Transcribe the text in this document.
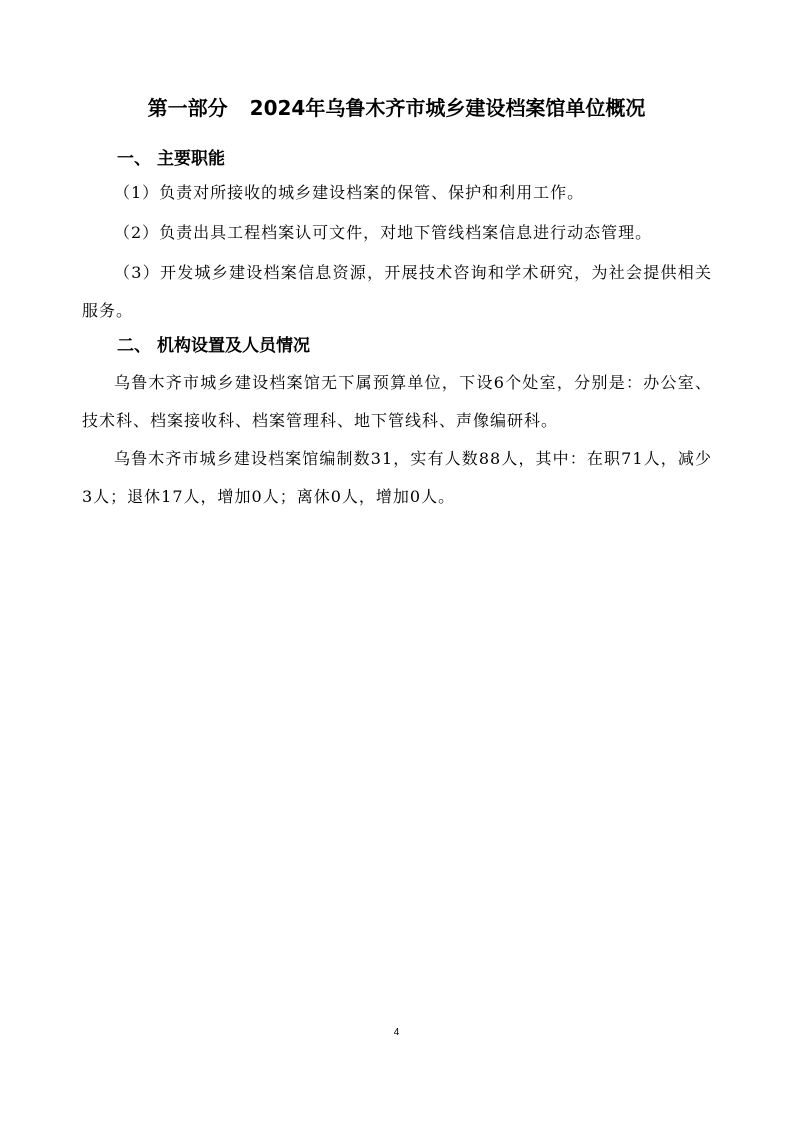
第一部分 2024年乌鲁木齐市城乡建设档案馆单位概况
一、 主要职能
（1）负责对所接收的城乡建设档案的保管、保护和利用工作。
（2）负责出具工程档案认可文件，对地下管线档案信息进行动态管理。
（3）开发城乡建设档案信息资源，开展技术咨询和学术研究，为社会提供相关服务。
二、 机构设置及人员情况
乌鲁木齐市城乡建设档案馆无下属预算单位，下设6个处室，分别是：办公室、技术科、档案接收科、档案管理科、地下管线科、声像编研科。
乌鲁木齐市城乡建设档案馆编制数31，实有人数88人，其中：在职71人，减少3人；退休17人，增加0人；离休0人，增加0人。
4
